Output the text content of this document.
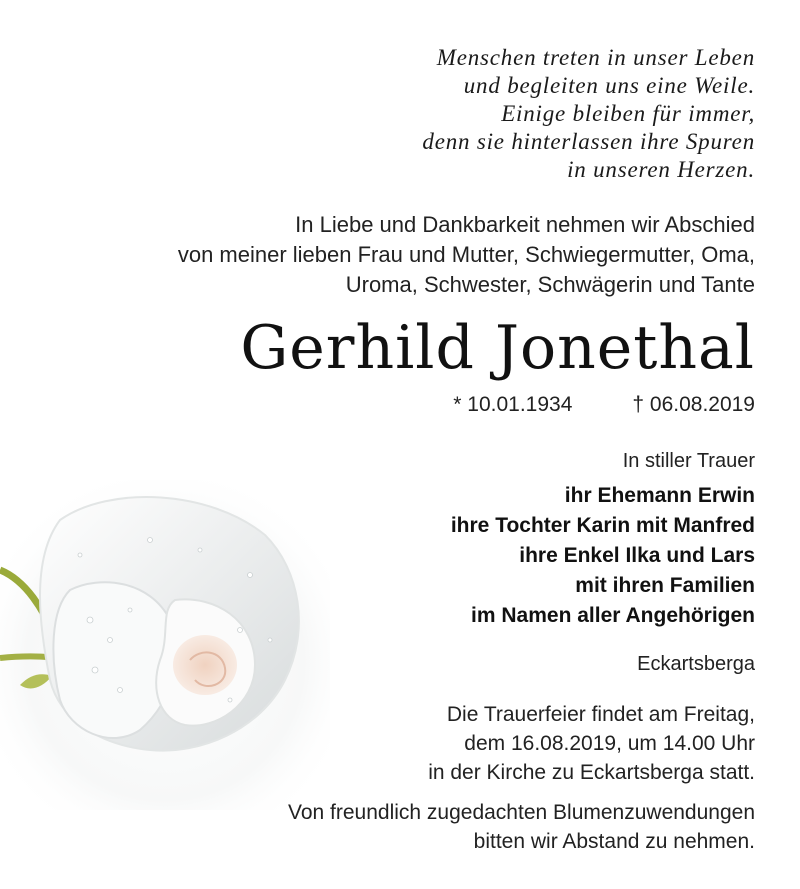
Menschen treten in unser Leben
und begleiten uns eine Weile.
Einige bleiben für immer,
denn sie hinterlassen ihre Spuren
in unseren Herzen.
In Liebe und Dankbarkeit nehmen wir Abschied
von meiner lieben Frau und Mutter, Schwiegermutter, Oma,
Uroma, Schwester, Schwägerin und Tante
Gerhild Jonethal
* 10.01.1934	† 06.08.2019
In stiller Trauer
ihr Ehemann Erwin
ihre Tochter Karin mit Manfred
ihre Enkel Ilka und Lars
mit ihren Familien
im Namen aller Angehörigen
Eckartsberga
Die Trauerfeier findet am Freitag,
dem 16.08.2019, um 14.00 Uhr
in der Kirche zu Eckartsberga statt.
Von freundlich zugedachten Blumenzuwendungen
bitten wir Abstand zu nehmen.
